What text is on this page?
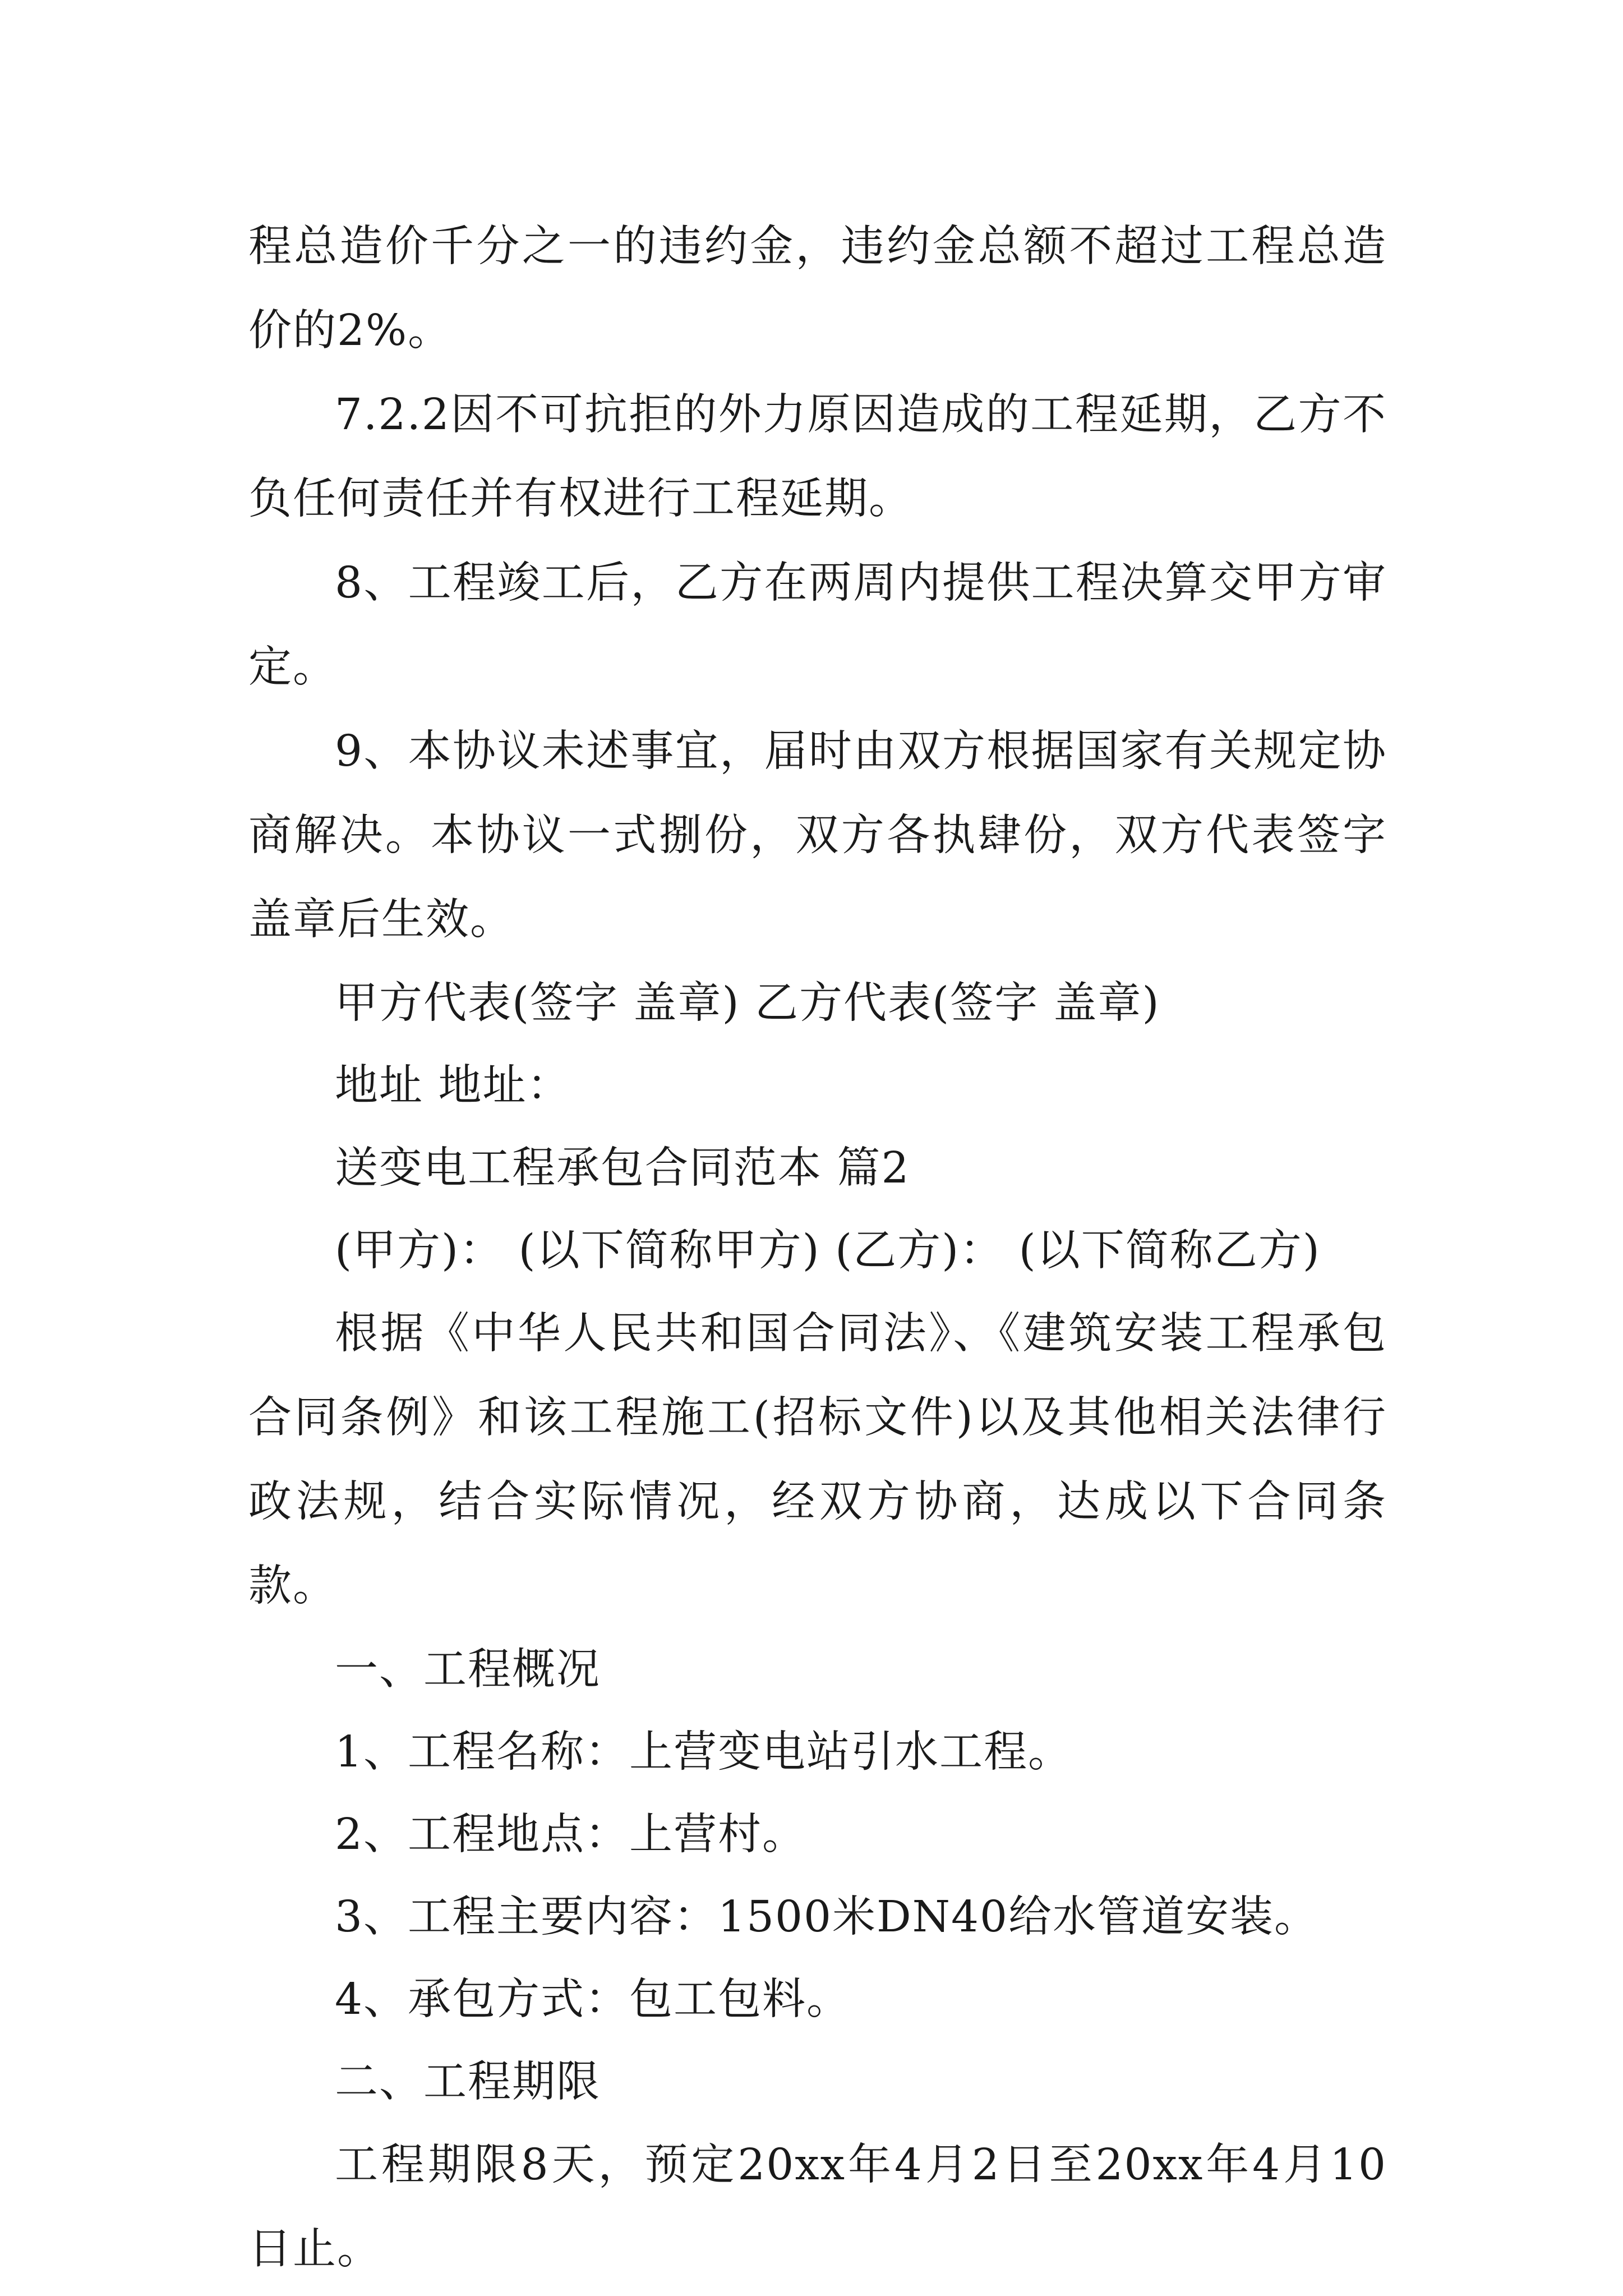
程总造价千分之一的违约金，违约金总额不超过工程总造价的2%。

7.2.2因不可抗拒的外力原因造成的工程延期，乙方不负任何责任并有权进行工程延期。

8、工程竣工后，乙方在两周内提供工程决算交甲方审定。

9、本协议未述事宜，届时由双方根据国家有关规定协商解决。本协议一式捌份，双方各执肆份，双方代表签字盖章后生效。

甲方代表(签字 盖章) 乙方代表(签字 盖章)

地址 地址：

送变电工程承包合同范本 篇2

(甲方)： (以下简称甲方) (乙方)： (以下简称乙方)

根据《中华人民共和国合同法》、《建筑安装工程承包合同条例》和该工程施工(招标文件)以及其他相关法律行政法规，结合实际情况，经双方协商，达成以下合同条款。

一、工程概况

1、工程名称：上营变电站引水工程。

2、工程地点：上营村。

3、工程主要内容：1500米DN40给水管道安装。

4、承包方式：包工包料。

二、工程期限

工程期限8天，预定20xx年4月2日至20xx年4月10日止。
